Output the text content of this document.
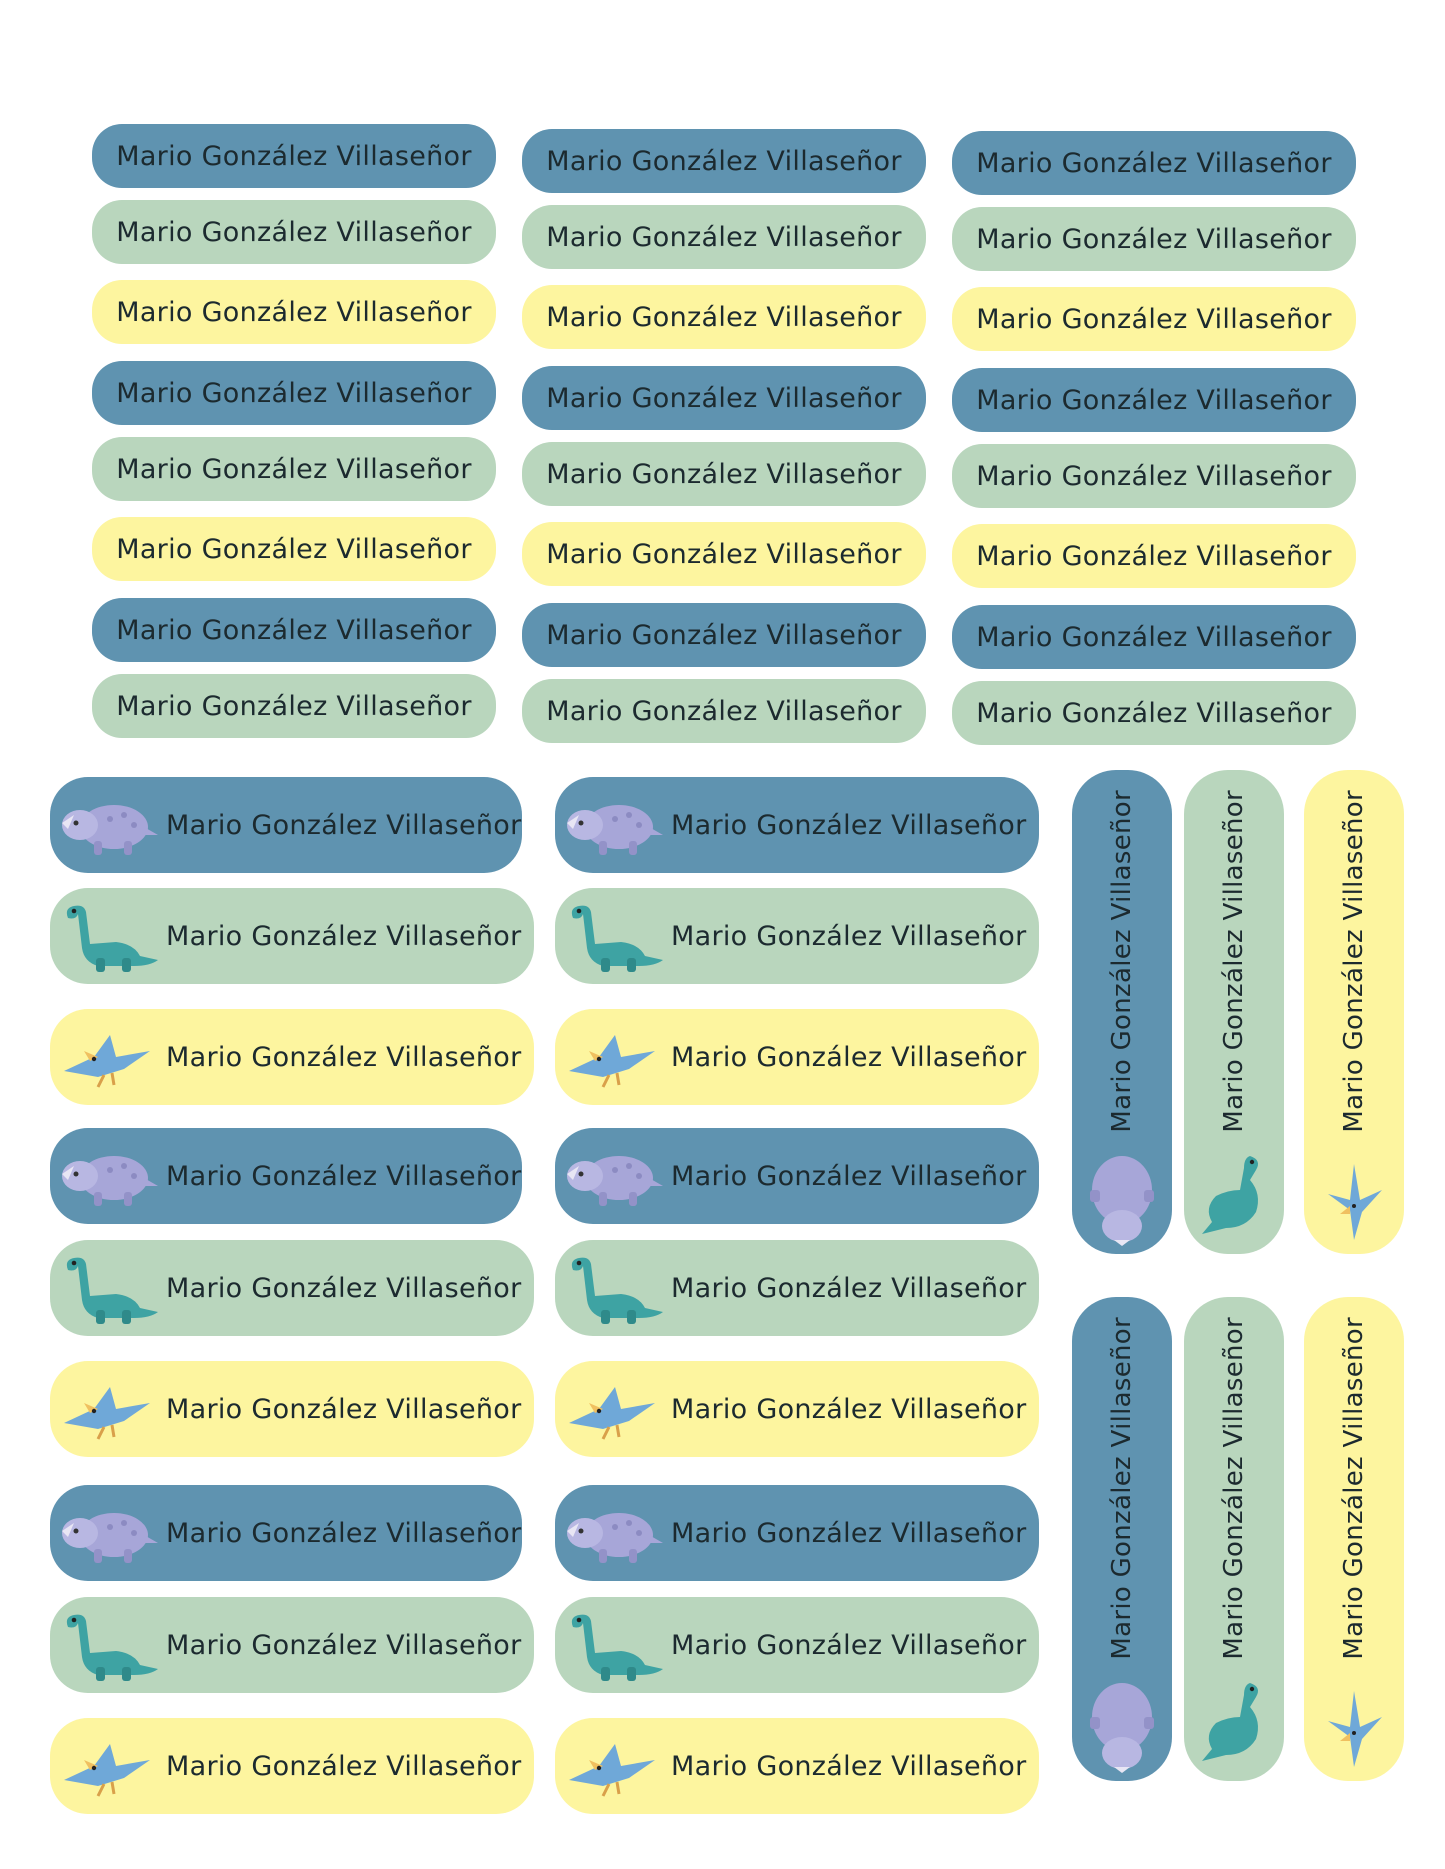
Mario González Villaseñor
Mario González Villaseñor
Mario González Villaseñor
Mario González Villaseñor
Mario González Villaseñor
Mario González Villaseñor
Mario González Villaseñor
Mario González Villaseñor
Mario González Villaseñor
Mario González Villaseñor
Mario González Villaseñor
Mario González Villaseñor
Mario González Villaseñor
Mario González Villaseñor
Mario González Villaseñor
Mario González Villaseñor
Mario González Villaseñor
Mario González Villaseñor
Mario González Villaseñor
Mario González Villaseñor
Mario González Villaseñor
Mario González Villaseñor
Mario González Villaseñor
Mario González Villaseñor
Mario González Villaseñor
Mario González Villaseñor
Mario González Villaseñor
Mario González Villaseñor
Mario González Villaseñor
Mario González Villaseñor
Mario González Villaseñor
Mario González Villaseñor
Mario González Villaseñor
Mario González Villaseñor
Mario González Villaseñor
Mario González Villaseñor
Mario González Villaseñor
Mario González Villaseñor
Mario González Villaseñor
Mario González Villaseñor
Mario González Villaseñor
Mario González Villaseñor
Mario González Villaseñor	Mario González Villaseñor	Mario González Villaseñor
Mario González Villaseñor	Mario González Villaseñor	Mario González Villaseñor
